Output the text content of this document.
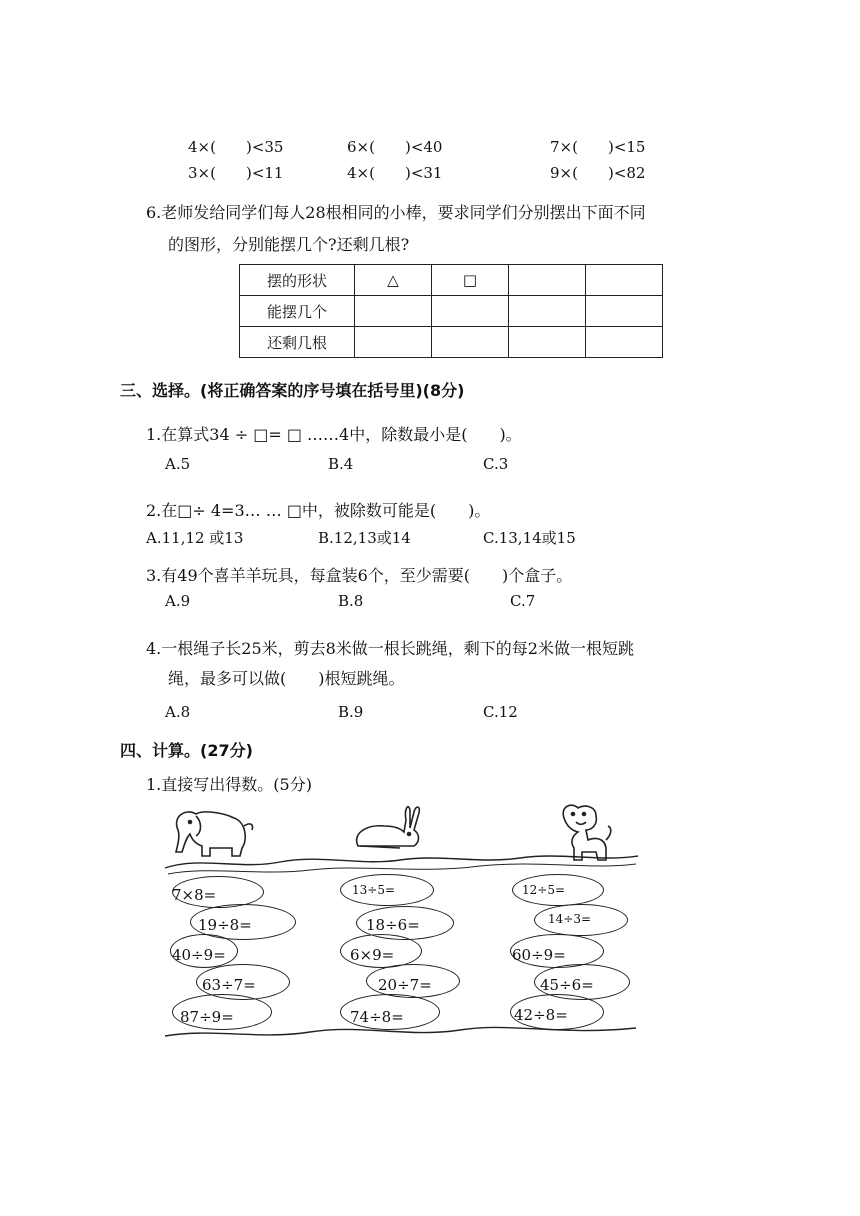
4×(　　)<35	6×(　　)<40	7×(　　)<15
3×(　　)<11	4×(　　)<31	9×(　　)<82
6.老师发给同学们每人28根相同的小棒，要求同学们分别摆出下面不同
的图形，分别能摆几个?还剩几根?
摆的形状	△	□		
能摆几个				
还剩几根				
三、选择。(将正确答案的序号填在括号里)(8分)
1.在算式34 ÷ □= □ ……4中，除数最小是(　　)。
A.5	B.4	C.3
2.在□÷ 4=3… … □中，被除数可能是(　　)。
A.11,12 或13	B.12,13或14	C.13,14或15
3.有49个喜羊羊玩具，每盒装6个，至少需要(　　)个盒子。
A.9	B.8	C.7
4.一根绳子长25米，剪去8米做一根长跳绳，剩下的每2米做一根短跳
绳，最多可以做(　　)根短跳绳。
A.8	B.9	C.12
四、计算。(27分)
1.直接写出得数。(5分)
7×8=
19÷8=
40÷9=
63÷7=
87÷9=
13÷5=
18÷6=
6×9=
20÷7=
74÷8=
12÷5=
14÷3=
60÷9=
45÷6=
42÷8=
